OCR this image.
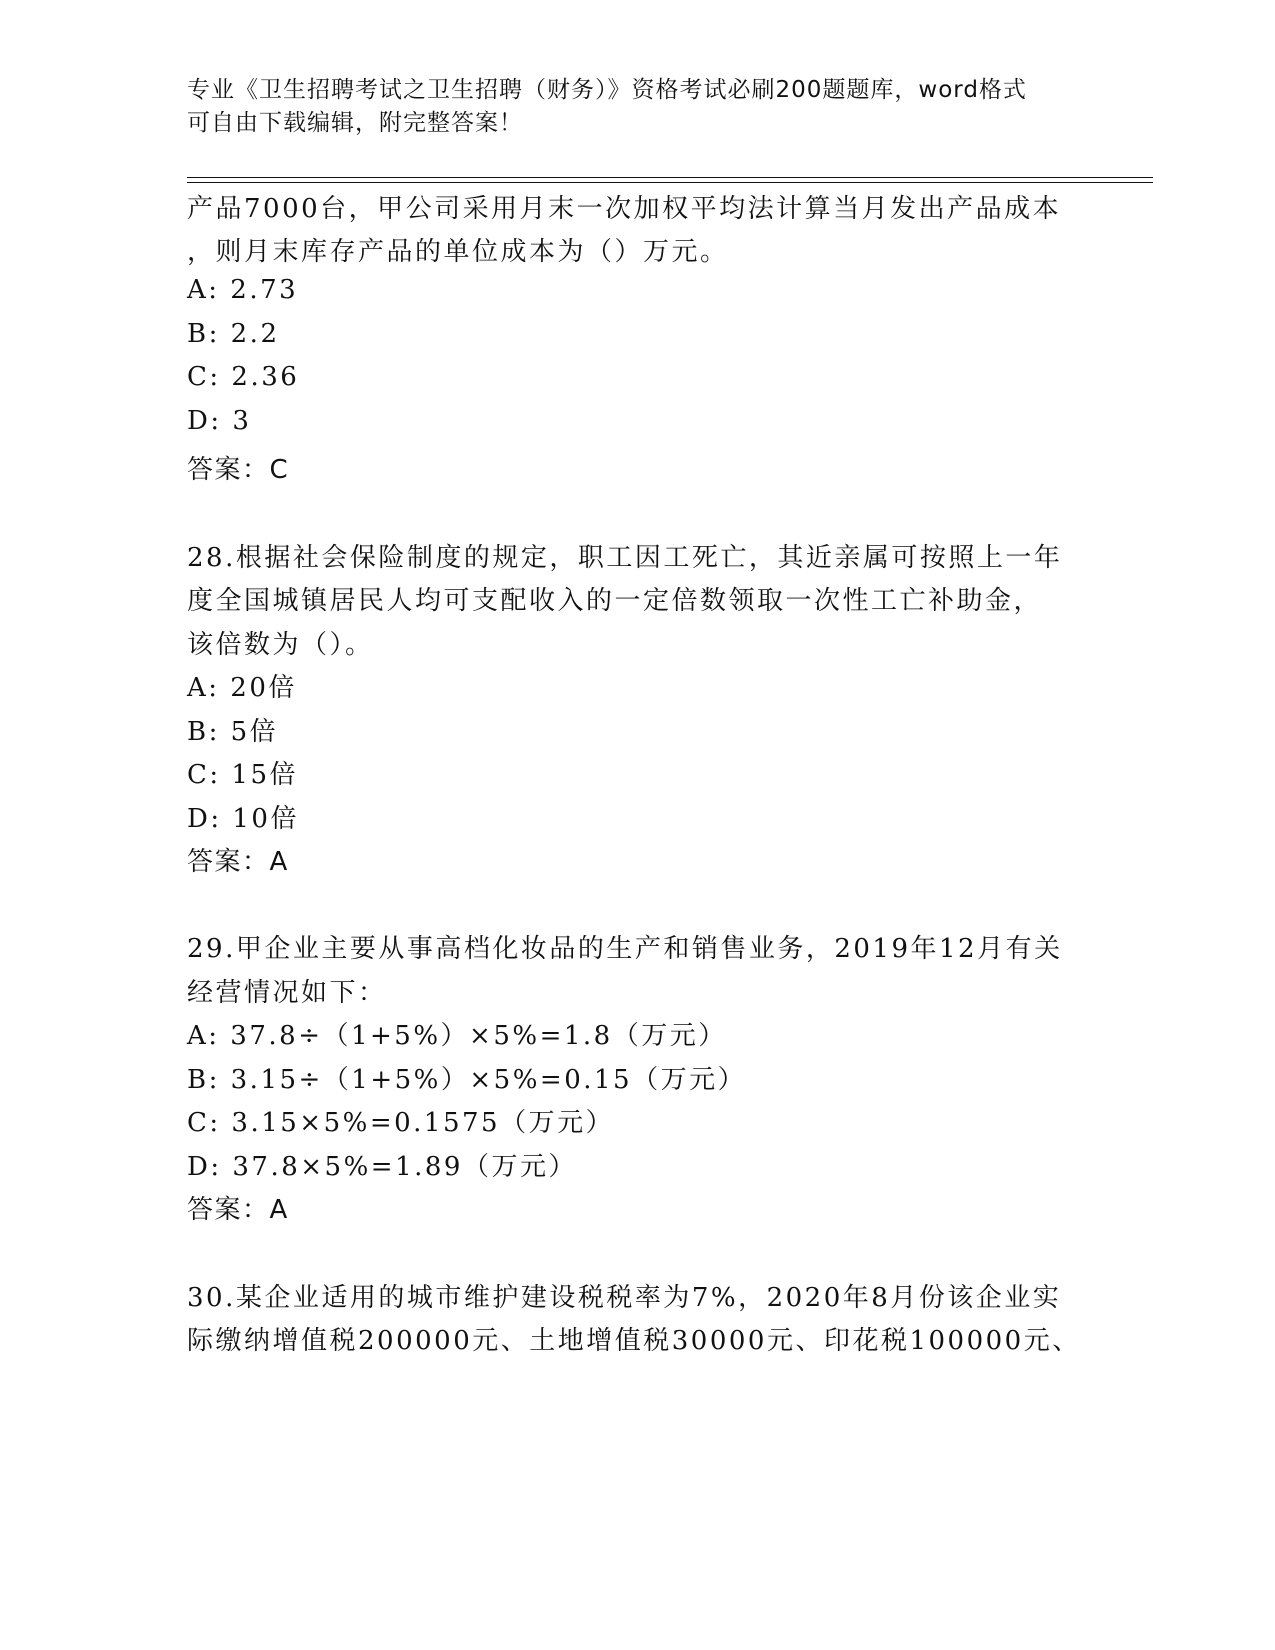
专业《卫生招聘考试之卫生招聘（财务）》资格考试必刷200题题库，word格式
可自由下载编辑，附完整答案！
产品7000台，甲公司采用月末一次加权平均法计算当月发出产品成本
，则月末库存产品的单位成本为（）万元。
A: 2.73
B: 2.2
C: 2.36
D: 3
答案：C
28.根据社会保险制度的规定，职工因工死亡，其近亲属可按照上一年
度全国城镇居民人均可支配收入的一定倍数领取一次性工亡补助金，
该倍数为（）。
A: 20倍
B: 5倍
C: 15倍
D: 10倍
答案：A
29.甲企业主要从事高档化妆品的生产和销售业务，2019年12月有关
经营情况如下：
A: 37.8÷（1+5%）×5%=1.8（万元）
B: 3.15÷（1+5%）×5%=0.15（万元）
C: 3.15×5%=0.1575（万元）
D: 37.8×5%=1.89（万元）
答案：A
30.某企业适用的城市维护建设税税率为7%，2020年8月份该企业实
际缴纳增值税200000元、土地增值税30000元、印花税100000元、
